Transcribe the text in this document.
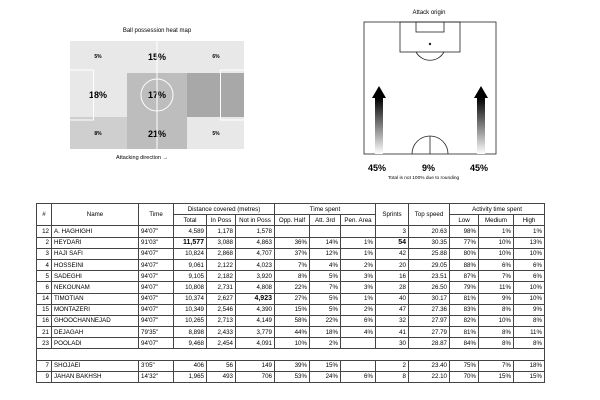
Ball possession heat map
5%	15%	6%
18%	17%
8%	21%	5%
Attacking direction →
Attack origin
45%	9%	45%
Total is not 100% due to rounding
#	Name	Time	Distance covered (metres)			Time spent			Sprints	Top speed	Activity time spent		
			Total	In Poss	Not in Poss	Opp. Half	Att. 3rd	Pen. Area			Low	Medium	High
12	A. HAGHIGHI	94'07"	4,589	1,178	1,578				3	20.63	98%	1%	1%
2	HEYDARI	91'03"	11,577	3,088	4,863	36%	14%	1%	54	30.35	77%	10%	13%
3	HAJI SAFI	94'07"	10,824	2,868	4,707	37%	12%	1%	42	25.88	80%	10%	10%
4	HOSSEINI	94'07"	9,061	2,122	4,023	7%	4%	2%	20	29.05	88%	6%	6%
5	SADEGHI	94'07"	9,105	2,182	3,920	8%	5%	3%	16	23.51	87%	7%	6%
6	NEKOUNAM	94'07"	10,808	2,731	4,808	22%	7%	3%	28	26.50	79%	11%	10%
14	TIMOTIAN	94'07"	10,374	2,627	4,923	27%	5%	1%	40	30.17	81%	9%	10%
15	MONTAZERI	94'07"	10,349	2,546	4,390	15%	5%	2%	47	27.36	83%	8%	9%
16	GHOOCHANNEJAD	94'07"	10,265	2,713	4,149	58%	22%	6%	32	27.97	82%	10%	8%
21	DEJAGAH	79'35"	8,898	2,433	3,779	44%	18%	4%	41	27.79	81%	8%	11%
23	POOLADI	94'07"	9,468	2,454	4,091	10%	2%		30	28.87	84%	8%	8%

7	SHOJAEI	3'05"	406	56	149	39%	15%		2	23.40	75%	7%	18%
9	JAHAN BAKHSH	14'32"	1,965	493	706	53%	24%	6%	8	22.10	70%	15%	15%
